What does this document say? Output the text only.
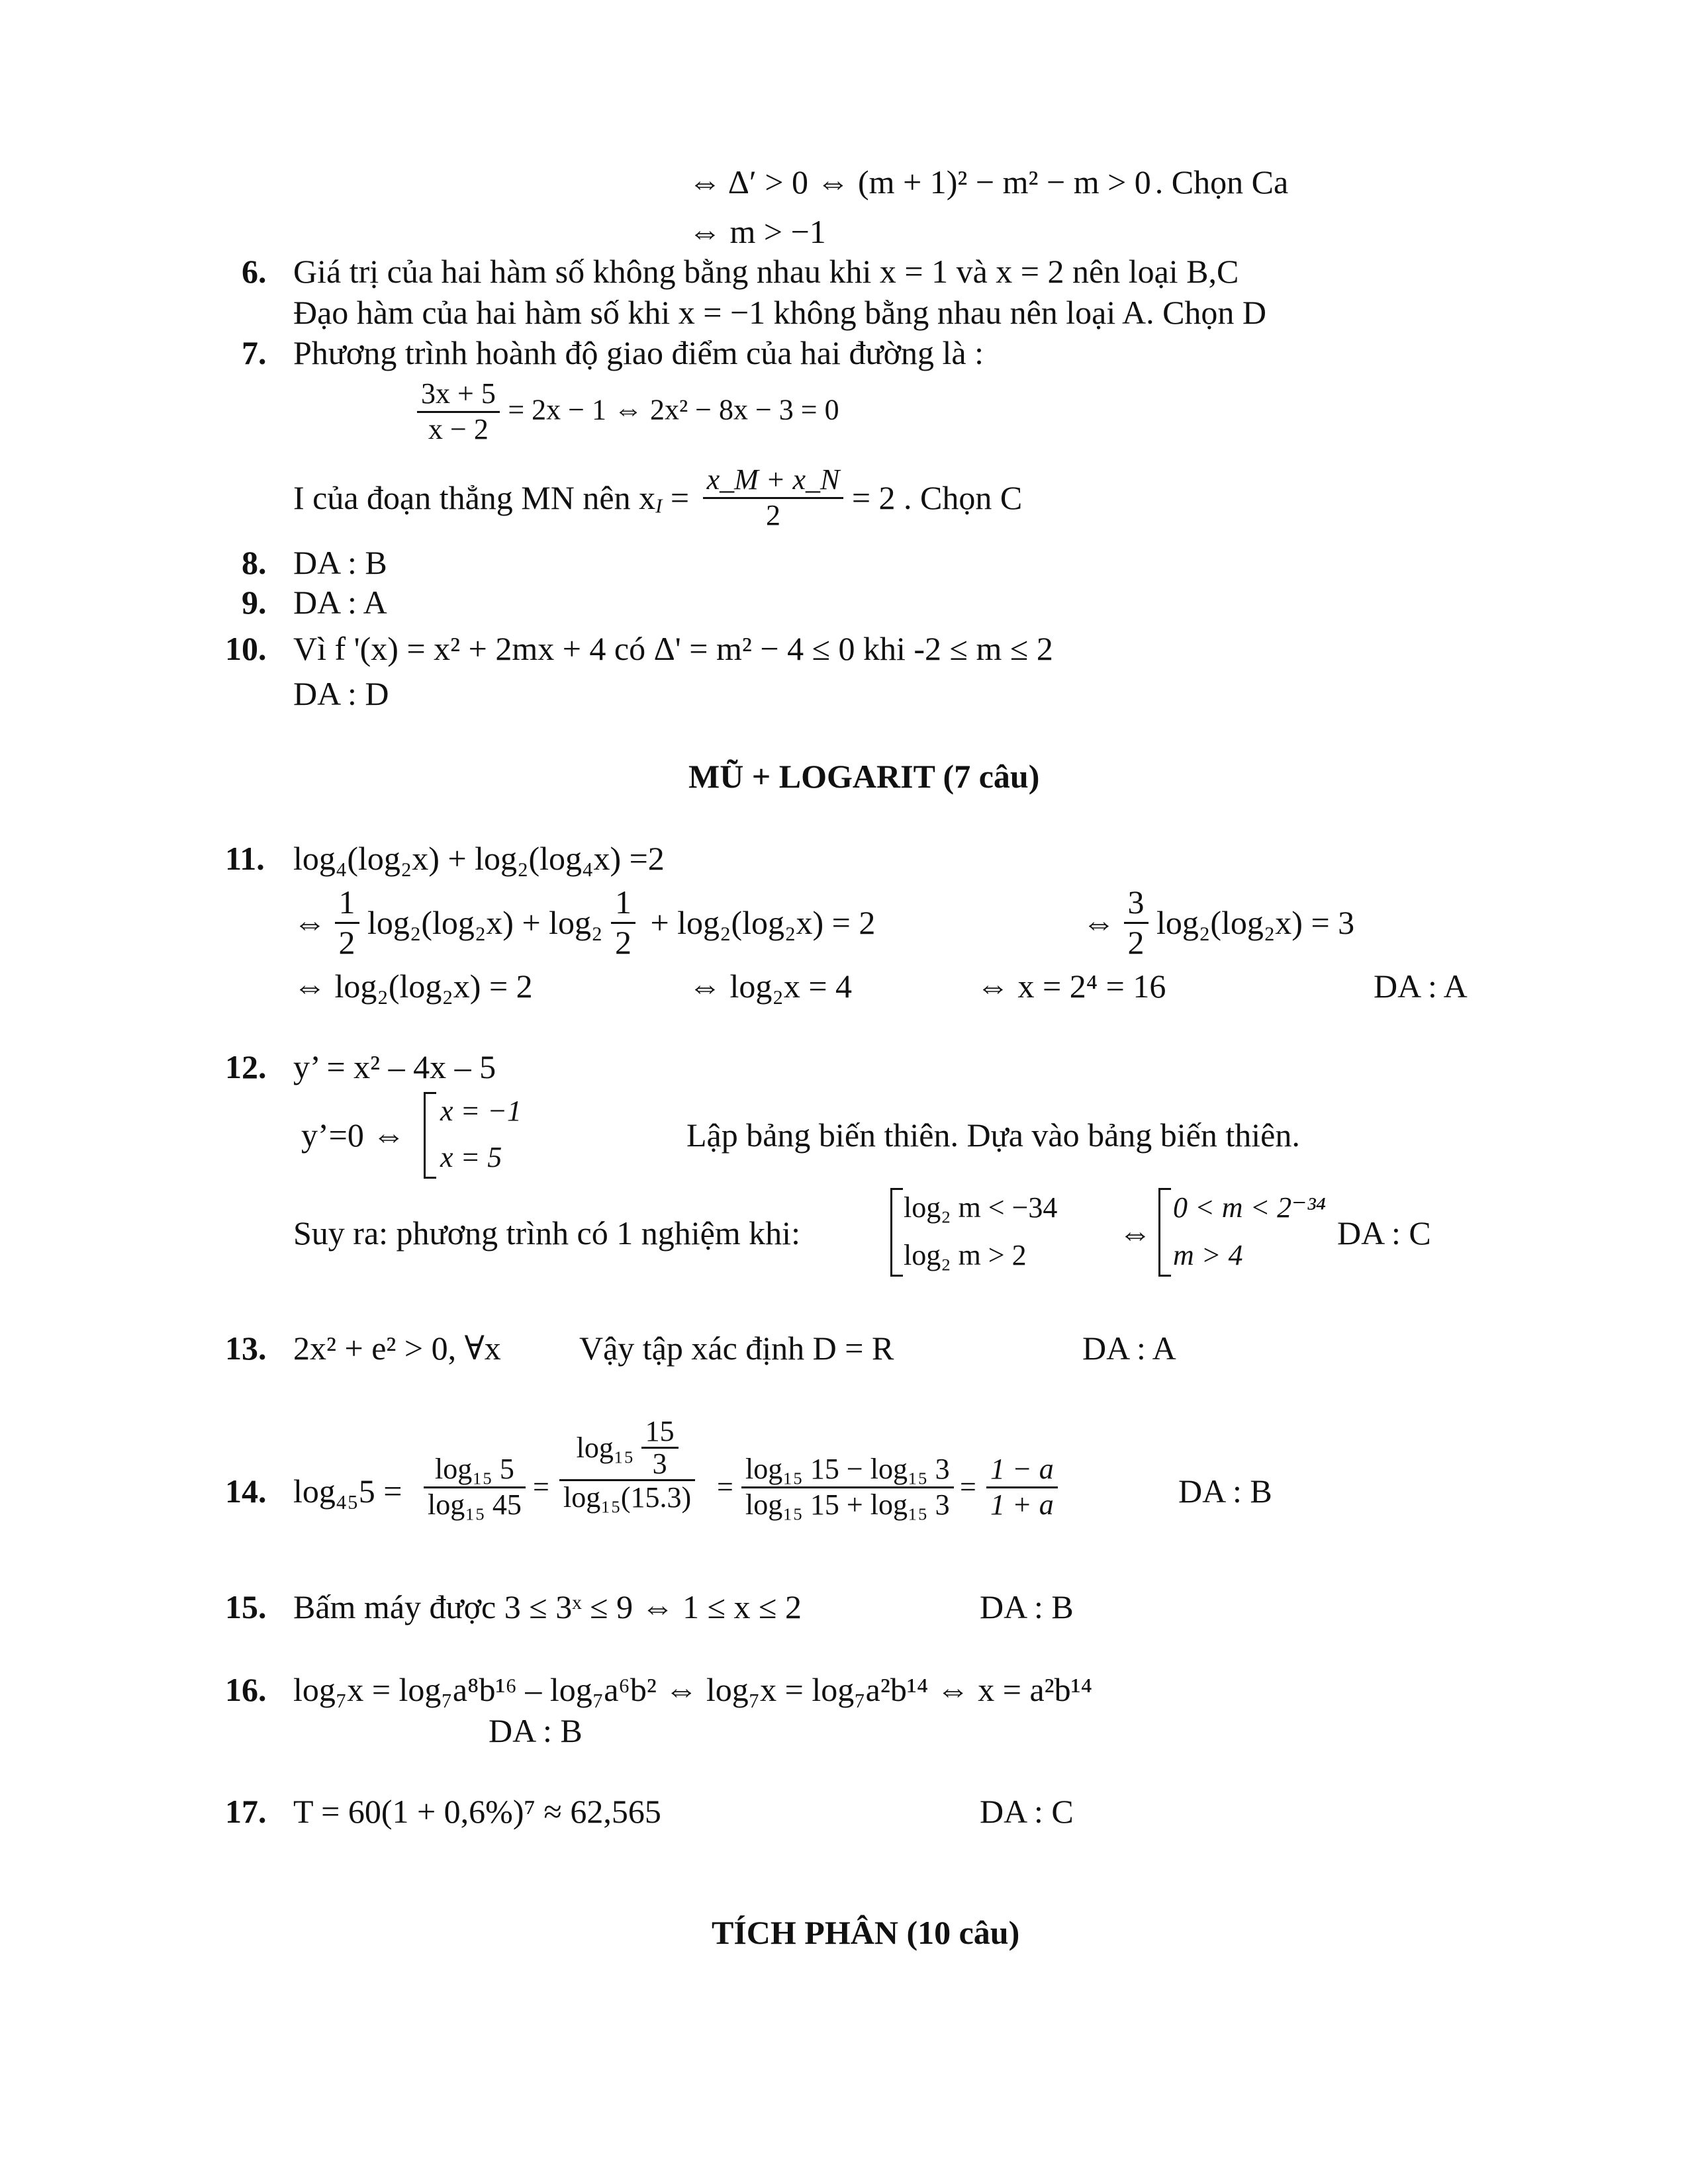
⇔ Δ′ > 0 ⇔ (m + 1)² − m² − m > 0 . Chọn Ca
⇔ m > −1
6. Giá trị của hai hàm số không bằng nhau khi x = 1 và x = 2 nên loại B,C
Đạo hàm của hai hàm số khi x = −1 không bằng nhau nên loại A. Chọn D
7. Phương trình hoành độ giao điểm của hai đường là :
$\frac{3x + 5}{x - 2} = 2x - 1$ ⇔ 2x² − 8x − 3 = 0
I của đoạn thẳng MN nên $x_I = \frac{x\_M + x\_N}{2} = 2$ . Chọn C
8. DA : B
9. DA : A
10. Vì f '(x) = x² + 2mx + 4 có Δ' = m² − 4 ≤ 0 khi -2 ≤ m ≤ 2
DA : D
MŨ + LOGARIT (7 câu)
11. log₄(log₂x) + log₂(log₄x) =2
⇔ $\frac{1}{2} \log_2(\log_2x) + \log_2 \frac{1}{2} + \log_2(\log_2x) = 2$	⇔ $\frac{3}{2} \log_2(\log_2x) = 3$
⇔ log₂(log₂x) = 2	⇔ log₂x = 4	⇔ x = 2⁴ = 16	DA : A
12. y’ = x² – 4x – 5
y’=0 ⇔
x = −1
x = 5
Lập bảng biến thiên. Dựa vào bảng biến thiên.
Suy ra: phương trình có 1 nghiệm khi:
log₂ m < −34
log₂ m > 2
⇔
0 < m < 2⁻³⁴
m > 4
DA : C
13. 2x² + e² > 0, ∀x Vậy tập xác định D = R	DA : A
14. $\log_{45}5 = \frac{\text{log₁₅ 5}}{\text{log₁₅ 45}} = \frac{\log_{15} \frac{15}{3}}{\text{log₁₅(15.3)}} = \frac{\text{log₁₅ 15 − log₁₅ 3}}{\text{log₁₅ 15 + log₁₅ 3}} = \frac{1 - a}{1 + a}$	DA : B
15. Bấm máy được 3 ≤ 3ˣ ≤ 9 ⇔ 1 ≤ x ≤ 2	DA : B
16. log₇x = log₇a⁸b¹⁶ – log₇a⁶b² ⇔ log₇x = log₇a²b¹⁴ ⇔ x = a²b¹⁴
DA : B
17. T = 60(1 + 0,6%)⁷ ≈ 62,565	DA : C
TÍCH PHÂN (10 câu)
